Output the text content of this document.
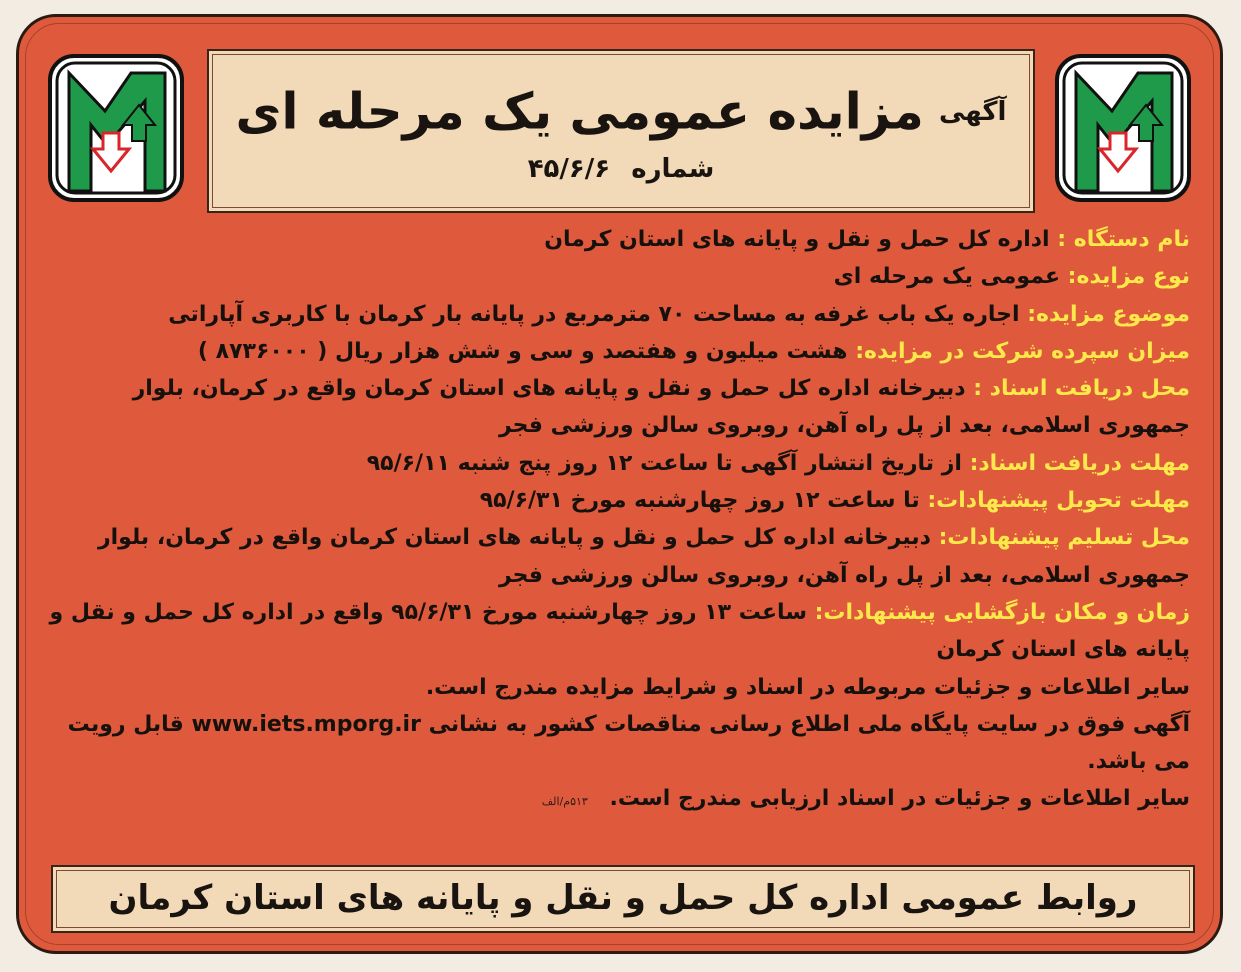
آگهی مزایده عمومی یک مرحله ای
شماره ۴۵/۶/۶

نام دستگاه : اداره کل حمل و نقل و پایانه های استان کرمان

نوع مزایده: عمومی یک مرحله ای

موضوع مزایده: اجاره یک باب غرفه به مساحت ۷۰ مترمربع در پایانه بار کرمان با کاربری آپاراتی

میزان سپرده شرکت در مزایده: هشت میلیون و هفتصد و سی و شش هزار ریال ( ۸۷۳۶۰۰۰ )

محل دریافت اسناد : دبیرخانه اداره کل حمل و نقل و پایانه های استان کرمان واقع در کرمان، بلوار جمهوری اسلامی، بعد از پل راه آهن، روبروی سالن ورزشی فجر

مهلت دریافت اسناد: از تاریخ انتشار آگهی تا ساعت ۱۲ روز پنج شنبه ۹۵/۶/۱۱

مهلت تحویل پیشنهادات: تا ساعت ۱۲ روز چهارشنبه مورخ ۹۵/۶/۳۱

محل تسلیم پیشنهادات: دبیرخانه اداره کل حمل و نقل و پایانه های استان کرمان واقع در کرمان، بلوار جمهوری اسلامی، بعد از پل راه آهن، روبروی سالن ورزشی فجر

زمان و مکان بازگشایی پیشنهادات: ساعت ۱۳ روز چهارشنبه مورخ ۹۵/۶/۳۱ واقع در اداره کل حمل و نقل و پایانه های استان کرمان

سایر اطلاعات و جزئیات مربوطه در اسناد و شرایط مزایده مندرج است.

آگهی فوق در سایت پایگاه ملی اطلاع رسانی مناقصات کشور به نشانی www.iets.mporg.ir قابل رویت می باشد.

سایر اطلاعات و جزئیات در اسناد ارزیابی مندرج است. ۵۱۳م/الف

روابط عمومی اداره کل حمل و نقل و پایانه های استان کرمان
